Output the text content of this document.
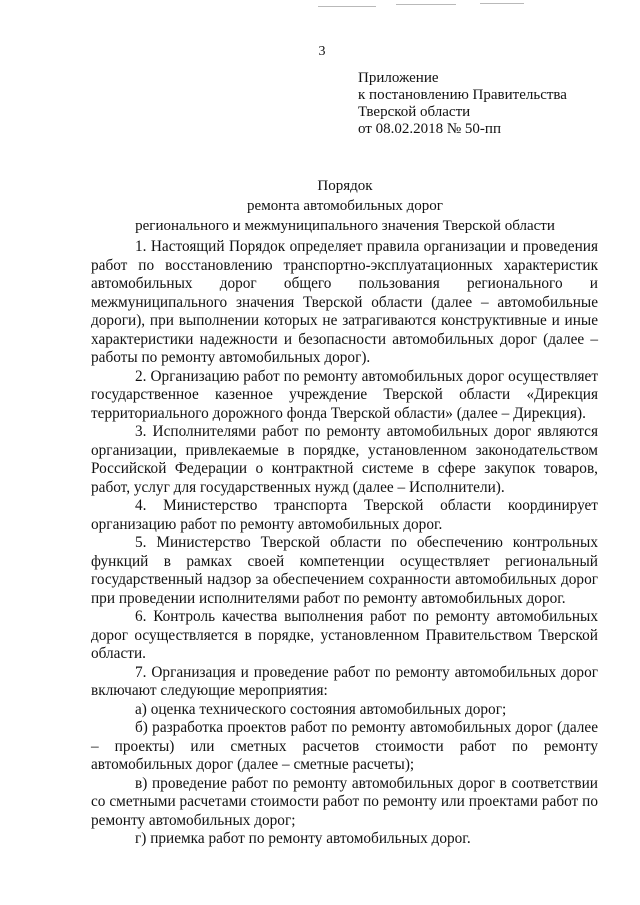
3
Приложение
к постановлению Правительства
Тверской области
от 08.02.2018 № 50-пп
Порядок
ремонта автомобильных дорог
регионального и межмуниципального значения Тверской области

1. Настоящий Порядок определяет правила организации и проведения работ по восстановлению транспортно-эксплуатационных характеристик автомобильных дорог общего пользования регионального и межмуниципального значения Тверской области (далее – автомобильные дороги), при выполнении которых не затрагиваются конструктивные и иные характеристики надежности и безопасности автомобильных дорог (далее – работы по ремонту автомобильных дорог).

2. Организацию работ по ремонту автомобильных дорог осуществляет государственное казенное учреждение Тверской области «Дирекция территориального дорожного фонда Тверской области» (далее – Дирекция).

3. Исполнителями работ по ремонту автомобильных дорог являются организации, привлекаемые в порядке, установленном законодательством Российской Федерации о контрактной системе в сфере закупок товаров, работ, услуг для государственных нужд (далее – Исполнители).

4. Министерство транспорта Тверской области координирует организацию работ по ремонту автомобильных дорог.

5. Министерство Тверской области по обеспечению контрольных функций в рамках своей компетенции осуществляет региональный государственный надзор за обеспечением сохранности автомобильных дорог при проведении исполнителями работ по ремонту автомобильных дорог.

6. Контроль качества выполнения работ по ремонту автомобильных дорог осуществляется в порядке, установленном Правительством Тверской области.

7. Организация и проведение работ по ремонту автомобильных дорог включают следующие мероприятия:

а) оценка технического состояния автомобильных дорог;

б) разработка проектов работ по ремонту автомобильных дорог (далее – проекты) или сметных расчетов стоимости работ по ремонту автомобильных дорог (далее – сметные расчеты);

в) проведение работ по ремонту автомобильных дорог в соответствии со сметными расчетами стоимости работ по ремонту или проектами работ по ремонту автомобильных дорог;

г) приемка работ по ремонту автомобильных дорог.
